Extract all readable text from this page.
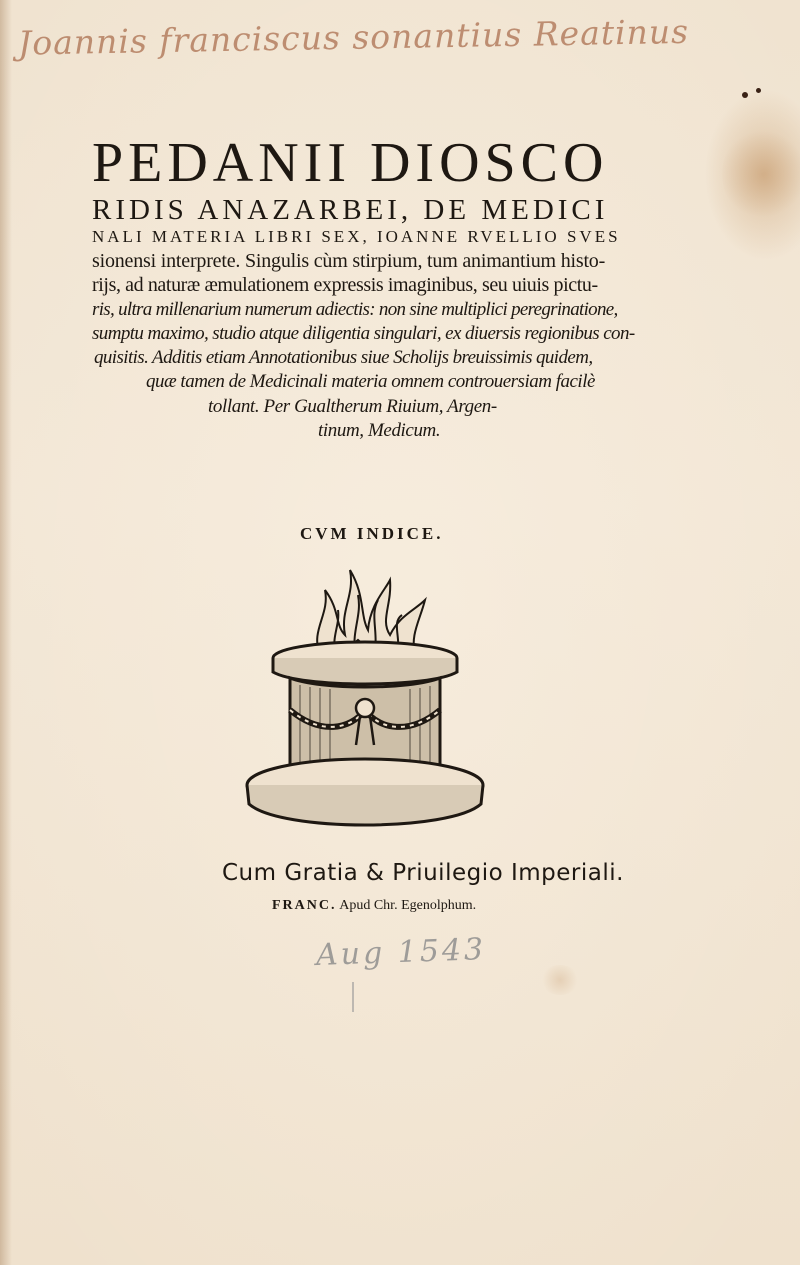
Joannis franciscus sonantius Reatinus
PEDANII DIOSCO
RIDIS ANAZARBEI, DE MEDICI
NALI MATERIA LIBRI SEX, IOANNE RVELLIO SVES
sionensi interprete. Singulis cùm stirpium, tum animantium histo-
rijs, ad naturæ æmulationem expressis imaginibus, seu uiuis pictu-
ris, ultra millenarium numerum adiectis: non sine multiplici peregrinatione,
sumptu maximo, studio atque diligentia singulari, ex diuersis regionibus con-
quisitis. Additis etiam Annotationibus siue Scholijs breuissimis quidem,
quæ tamen de Medicinali materia omnem controuersiam facilè
tollant. Per Gualtherum Riuium, Argen-
tinum, Medicum.
CVM INDICE.
Cum Gratia & Priuilegio Imperiali.
FRANC. Apud Chr. Egenolphum.
Aug 1543
